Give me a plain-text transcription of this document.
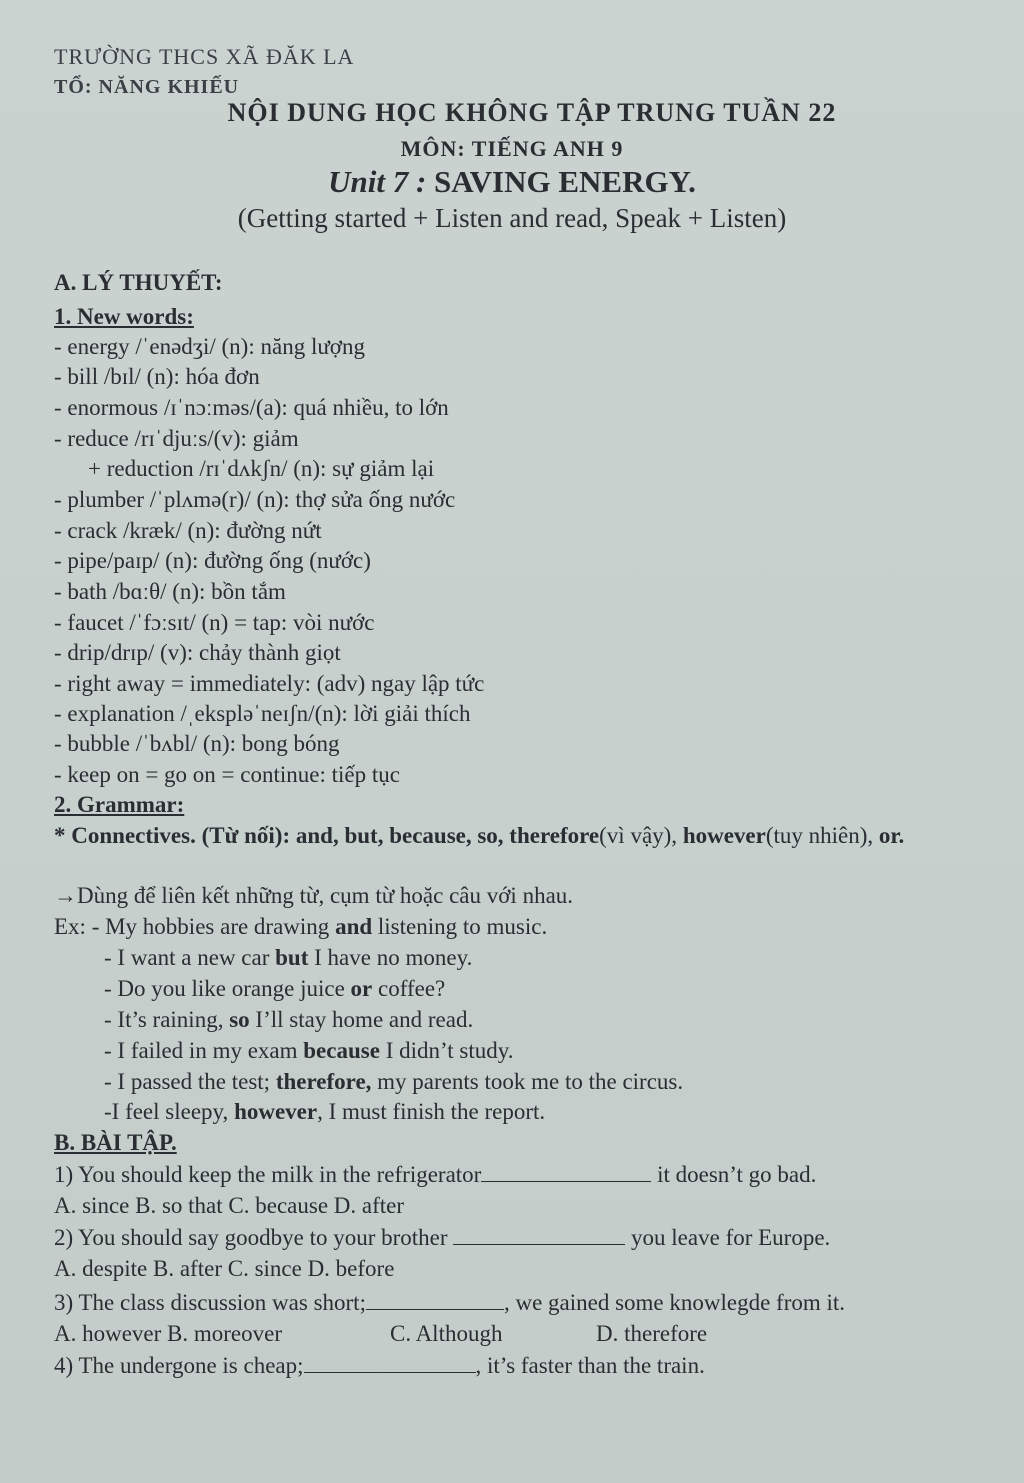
TRƯỜNG THCS XÃ ĐĂK LA
TỔ: NĂNG KHIẾU
NỘI DUNG HỌC KHÔNG TẬP TRUNG TUẦN 22
MÔN: TIẾNG ANH 9
Unit 7 : SAVING ENERGY.
(Getting started + Listen and read, Speak + Listen)
A. LÝ THUYẾT:
1. New words:
- energy /ˈenədʒi/ (n): năng lượng
- bill /bɪl/ (n): hóa đơn
- enormous /ɪˈnɔːməs/(a): quá nhiều, to lớn
- reduce /rɪˈdjuːs/(v): giảm
+ reduction /rɪˈdʌkʃn/ (n): sự giảm lại
- plumber /ˈplʌmə(r)/ (n): thợ sửa ống nước
- crack /kræk/ (n): đường nứt
- pipe/paɪp/ (n): đường ống (nước)
- bath /bɑːθ/ (n): bồn tắm
- faucet /ˈfɔːsɪt/ (n) = tap: vòi nước
- drip/drɪp/ (v): chảy thành giọt
- right away = immediately: (adv) ngay lập tức
- explanation /ˌekspləˈneɪʃn/(n): lời giải thích
- bubble /ˈbʌbl/ (n): bong bóng
- keep on = go on = continue: tiếp tục
2. Grammar:
* Connectives. (Từ nối): and, but, because, so, therefore(vì vậy), however(tuy nhiên), or.
→Dùng để liên kết những từ, cụm từ hoặc câu với nhau.
Ex: - My hobbies are drawing and listening to music.
- I want a new car but I have no money.
- Do you like orange juice or coffee?
- It’s raining, so I’ll stay home and read.
- I failed in my exam because I didn’t study.
- I passed the test; therefore, my parents took me to the circus.
-I feel sleepy, however, I must finish the report.
B. BÀI TẬP.
1) You should keep the milk in the refrigerator	it doesn’t go bad.
A. since B. so that C. because D. after
2) You should say goodbye to your brother	you leave for Europe.
A. despite B. after C. since D. before
3) The class discussion was short;	, we gained some knowlegde from it.
A. however B. moreover	C. Although	D. therefore
4) The undergone is cheap;	, it’s faster than the train.
